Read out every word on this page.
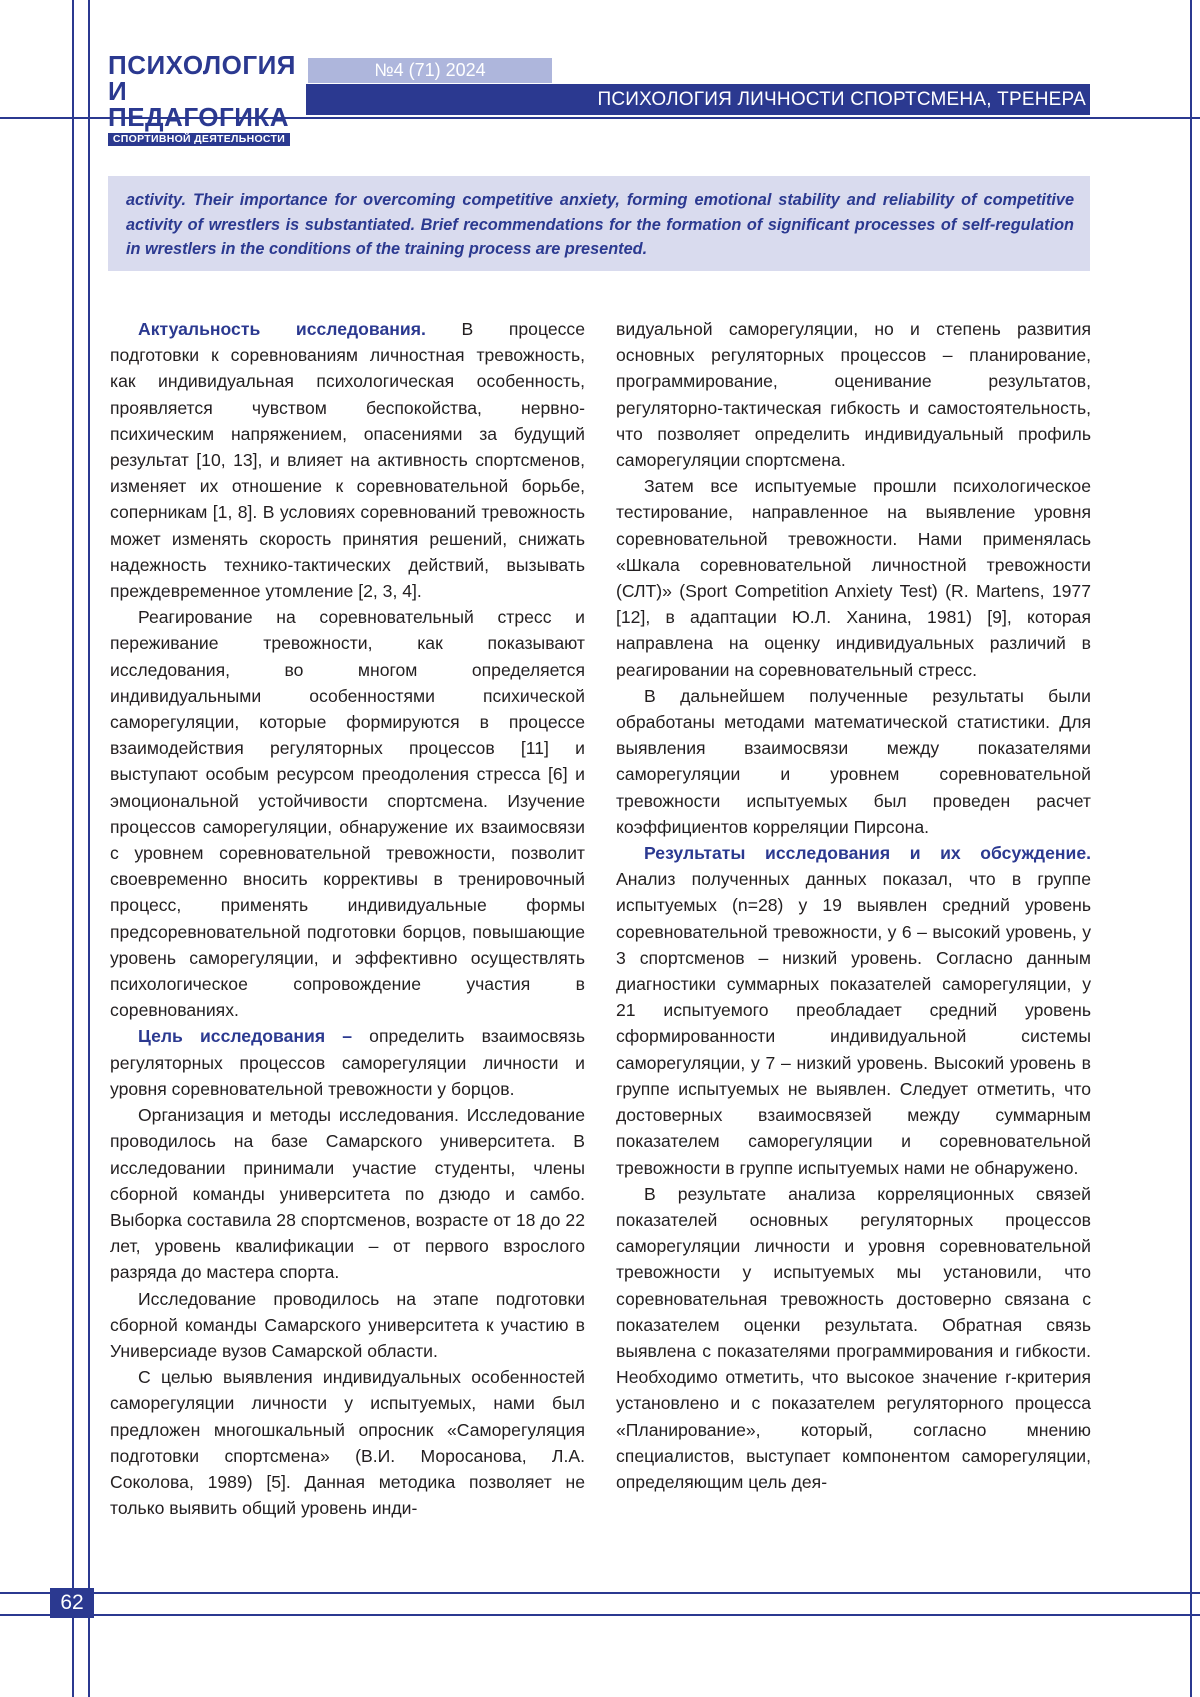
ПСИХОЛОГИЯ
И ПЕДАГОГИКА
СПОРТИВНОЙ ДЕЯТЕЛЬНОСТИ
№4 (71) 2024
ПСИХОЛОГИЯ ЛИЧНОСТИ СПОРТСМЕНА, ТРЕНЕРА

activity. Their importance for overcoming competitive anxiety, forming emotional stability and reliability of competitive activity of wrestlers is substantiated. Brief recommendations for the formation of significant processes of self-regulation in wrestlers in the conditions of the training process are presented.

Актуальность исследования. В процессе подготовки к соревнованиям личностная тревожность, как индивидуальная психологическая особенность, проявляется чувством беспокойства, нервно-психическим напряжением, опасениями за будущий результат [10, 13], и влияет на активность спортсменов, изменяет их отношение к соревновательной борьбе, соперникам [1, 8]. В условиях соревнований тревожность может изменять скорость принятия решений, снижать надежность технико-тактических действий, вызывать преждевременное утомление [2, 3, 4].

Реагирование на соревновательный стресс и переживание тревожности, как показывают исследования, во многом определяется индивидуальными особенностями психической саморегуляции, которые формируются в процессе взаимодействия регуляторных процессов [11] и выступают особым ресурсом преодоления стресса [6] и эмоциональной устойчивости спортсмена. Изучение процессов саморегуляции, обнаружение их взаимосвязи с уровнем соревновательной тревожности, позволит своевременно вносить коррективы в тренировочный процесс, применять индивидуальные формы предсоревновательной подготовки борцов, повышающие уровень саморегуляции, и эффективно осуществлять психологическое сопровождение участия в соревнованиях.

Цель исследования – определить взаимосвязь регуляторных процессов саморегуляции личности и уровня соревновательной тревожности у борцов.

Организация и методы исследования. Исследование проводилось на базе Самарского университета. В исследовании принимали участие студенты, члены сборной команды университета по дзюдо и самбо. Выборка составила 28 спортсменов, возрасте от 18 до 22 лет, уровень квалификации – от первого взрослого разряда до мастера спорта.

Исследование проводилось на этапе подготовки сборной команды Самарского университета к участию в Универсиаде вузов Самарской области.

С целью выявления индивидуальных особенностей саморегуляции личности у испытуемых, нами был предложен многошкальный опросник «Саморегуляция подготовки спортсмена» (В.И. Моросанова, Л.А. Соколова, 1989) [5]. Данная методика позволяет не только выявить общий уровень инди-

видуальной саморегуляции, но и степень развития основных регуляторных процессов – планирование, программирование, оценивание результатов, регуляторно-тактическая гибкость и самостоятельность, что позволяет определить индивидуальный профиль саморегуляции спортсмена.

Затем все испытуемые прошли психологическое тестирование, направленное на выявление уровня соревновательной тревожности. Нами применялась «Шкала соревновательной личностной тревожности (СЛТ)» (Sport Competition Anxiety Test) (R. Martens, 1977 [12], в адаптации Ю.Л. Ханина, 1981) [9], которая направлена на оценку индивидуальных различий в реагировании на соревновательный стресс.

В дальнейшем полученные результаты были обработаны методами математической статистики. Для выявления взаимосвязи между показателями саморегуляции и уровнем соревновательной тревожности испытуемых был проведен расчет коэффициентов корреляции Пирсона.

Результаты исследования и их обсуждение. Анализ полученных данных показал, что в группе испытуемых (n=28) у 19 выявлен средний уровень соревновательной тревожности, у 6 – высокий уровень, у 3 спортсменов – низкий уровень. Согласно данным диагностики суммарных показателей саморегуляции, у 21 испытуемого преобладает средний уровень сформированности индивидуальной системы саморегуляции, у 7 – низкий уровень. Высокий уровень в группе испытуемых не выявлен. Следует отметить, что достоверных взаимосвязей между суммарным показателем саморегуляции и соревновательной тревожности в группе испытуемых нами не обнаружено.

В результате анализа корреляционных связей показателей основных регуляторных процессов саморегуляции личности и уровня соревновательной тревожности у испытуемых мы установили, что соревновательная тревожность достоверно связана с показателем оценки результата. Обратная связь выявлена с показателями программирования и гибкости. Необходимо отметить, что высокое значение r-критерия установлено и с показателем регуляторного процесса «Планирование», который, согласно мнению специалистов, выступает компонентом саморегуляции, определяющим цель дея-

62
